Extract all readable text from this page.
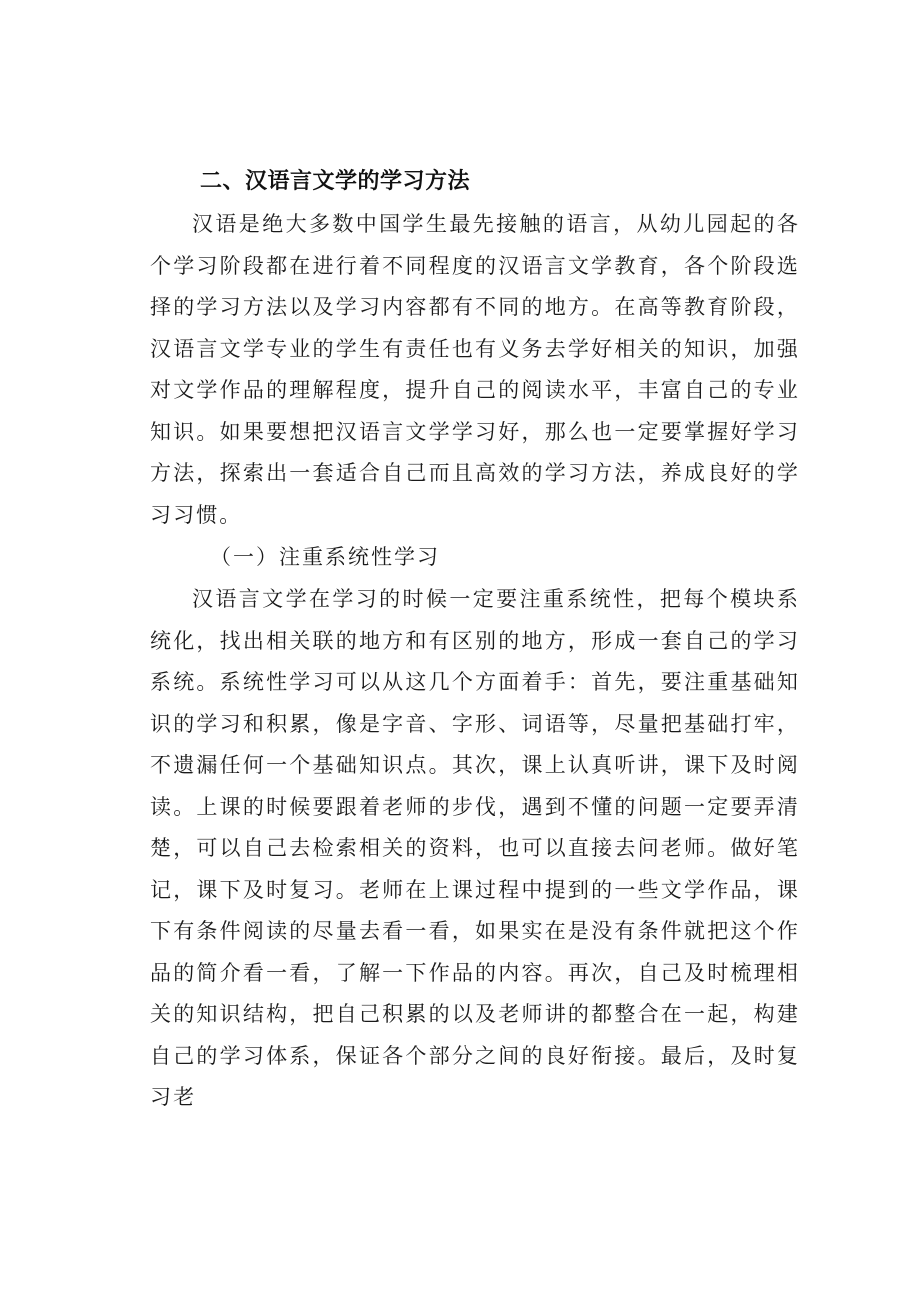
二、汉语言文学的学习方法

汉语是绝大多数中国学生最先接触的语言，从幼儿园起的各个学习阶段都在进行着不同程度的汉语言文学教育，各个阶段选择的学习方法以及学习内容都有不同的地方。在高等教育阶段，汉语言文学专业的学生有责任也有义务去学好相关的知识，加强对文学作品的理解程度，提升自己的阅读水平，丰富自己的专业知识。如果要想把汉语言文学学习好，那么也一定要掌握好学习方法，探索出一套适合自己而且高效的学习方法，养成良好的学习习惯。

（一）注重系统性学习

汉语言文学在学习的时候一定要注重系统性，把每个模块系统化，找出相关联的地方和有区别的地方，形成一套自己的学习系统。系统性学习可以从这几个方面着手：首先，要注重基础知识的学习和积累，像是字音、字形、词语等，尽量把基础打牢，不遗漏任何一个基础知识点。其次，课上认真听讲，课下及时阅读。上课的时候要跟着老师的步伐，遇到不懂的问题一定要弄清楚，可以自己去检索相关的资料，也可以直接去问老师。做好笔记，课下及时复习。老师在上课过程中提到的一些文学作品，课下有条件阅读的尽量去看一看，如果实在是没有条件就把这个作品的简介看一看，了解一下作品的内容。再次，自己及时梳理相关的知识结构，把自己积累的以及老师讲的都整合在一起，构建自己的学习体系，保证各个部分之间的良好衔接。最后，及时复习老
